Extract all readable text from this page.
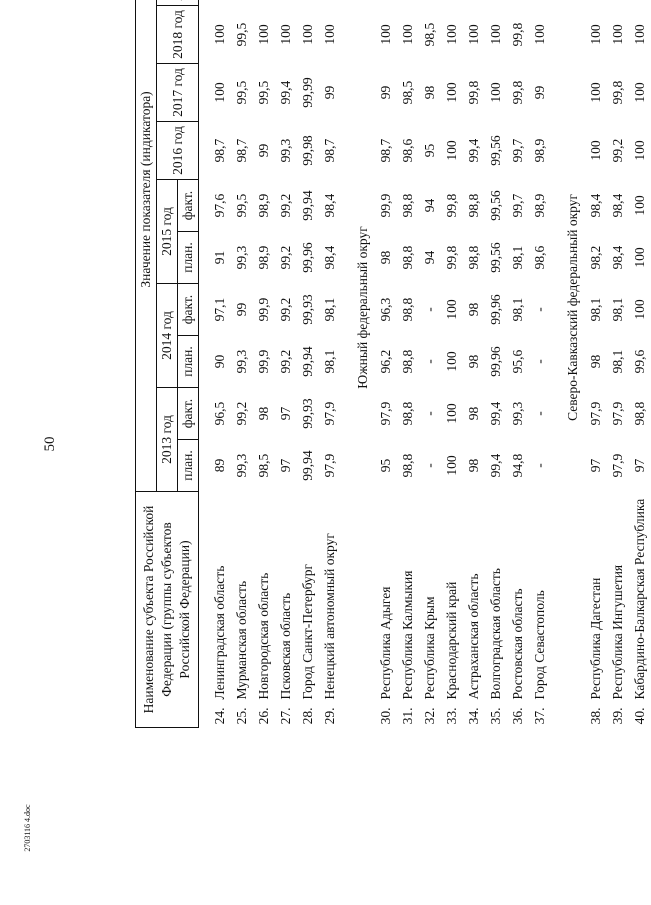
50
Наименование субъекта Российской Федерации (группы субъектов Российской Федерации)		Значение показателя (индикатора)										
		2013 год		2014 год		2015 год		2016 год	2017 год	2018 год		
		план.	факт.	план.	факт.	план.	факт.					

24.	Ленинградская область	89	96,5	90	97,1	91	97,6	98,7	100	100		
25.	Мурманская область	99,3	99,2	99,3	99	99,3	99,5	98,7	99,5	99,5		
26.	Новгородская область	98,5	98	99,9	99,9	98,9	98,9	99	99,5	100		
27.	Псковская область	97	97	99,2	99,2	99,2	99,2	99,3	99,4	100		
28.	Город Санкт-Петербург	99,94	99,93	99,94	99,93	99,96	99,94	99,98	99,99	100		
29.	Ненецкий автономный округ	97,9	97,9	98,1	98,1	98,4	98,4	98,7	99	100		

Южный федеральный округ												
30.	Республика Адыгея	95	97,9	96,2	96,3	98	99,9	98,7	99	100		
31.	Республика Калмыкия	98,8	98,8	98,8	98,8	98,8	98,8	98,6	98,5	100		
32.	Республика Крым	-	-	-	-	94	94	95	98	98,5		
33.	Краснодарский край	100	100	100	100	99,8	99,8	100	100	100		
34.	Астраханская область	98	98	98	98	98,8	98,8	99,4	99,8	100		
35.	Волгоградская область	99,4	99,4	99,96	99,96	99,56	99,56	99,56	100	100		
36.	Ростовская область	94,8	99,3	95,6	98,1	98,1	99,7	99,7	99,8	99,8		
37.	Город Севастополь	-	-	-	-	98,6	98,9	98,9	99	100		

Северо-Кавказский федеральный округ												
38.	Республика Дагестан	97	97,9	98	98,1	98,2	98,4	100	100	100		
39.	Республика Ингушетия	97,9	97,9	98,1	98,1	98,4	98,4	99,2	99,8	100		
40.	Кабардино-Балкарская Республика	97	98,8	99,6	100	100	100	100	100	100		
2703116 4.doc
